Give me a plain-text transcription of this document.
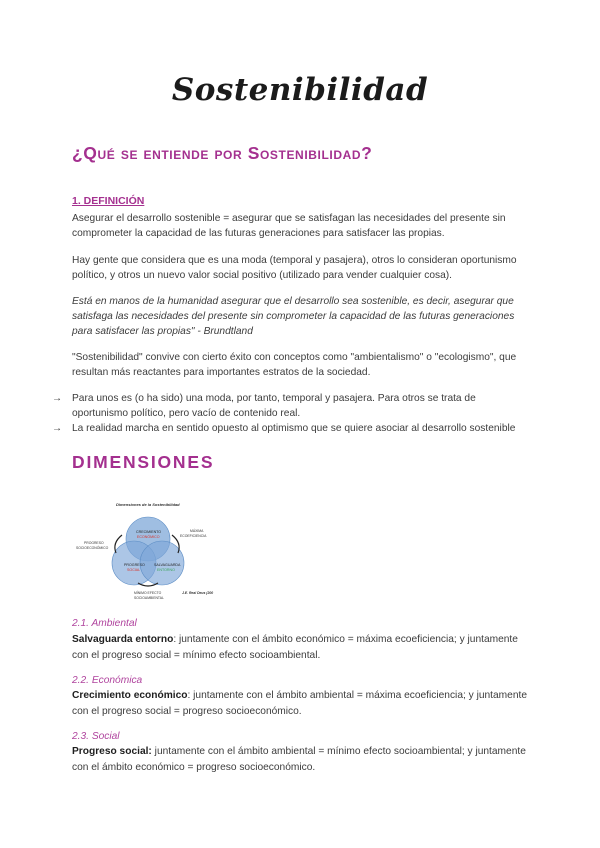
Sostenibilidad
¿Qué se entiende por Sostenibilidad?
1. DEFINICIÓN
Asegurar el desarrollo sostenible = asegurar que se satisfagan las necesidades del presente sin comprometer la capacidad de las futuras generaciones para satisfacer las propias.
Hay gente que considera que es una moda (temporal y pasajera), otros lo consideran oportunismo político, y otros un nuevo valor social positivo (utilizado para vender cualquier cosa).
Está en manos de la humanidad asegurar que el desarrollo sea sostenible, es decir, asegurar que satisfaga las necesidades del presente sin comprometer la capacidad de las futuras generaciones para satisfacer las propias" - Brundtland
"Sostenibilidad" convive con cierto éxito con conceptos como "ambientalismo" o "ecologismo", que resultan más reactantes para importantes estratos de la sociedad.
→ Para unos es (o ha sido) una moda, por tanto, temporal y pasajera. Para otros se trata de oportunismo político, pero vacío de contenido real.
→ La realidad marcha en sentido opuesto al optimismo que se quiere asociar al desarrollo sostenible
DIMENSIONES
Dimensiones de la Sostenibilidad
CRECIMIENTO
ECONÓMICO
PROGRESO
SOCIAL
SALVAGUARDA
ENTORNO
MÁXIMA
ECOEFICIENCIA
PROGRESO
SOCIOECONÓMICO
MÍNIMO EFECTO
SOCIOAMBIENTAL
J.E. Real Deus (200
2.1. Ambiental
Salvaguarda entorno: juntamente con el ámbito económico = máxima ecoeficiencia; y juntamente con el progreso social = mínimo efecto socioambiental.
2.2. Económica
Crecimiento económico: juntamente con el ámbito ambiental = máxima ecoeficiencia; y juntamente con el progreso social = progreso socioeconómico.
2.3. Social
Progreso social: juntamente con el ámbito ambiental = mínimo efecto socioambiental; y juntamente con el ámbito económico = progreso socioeconómico.
